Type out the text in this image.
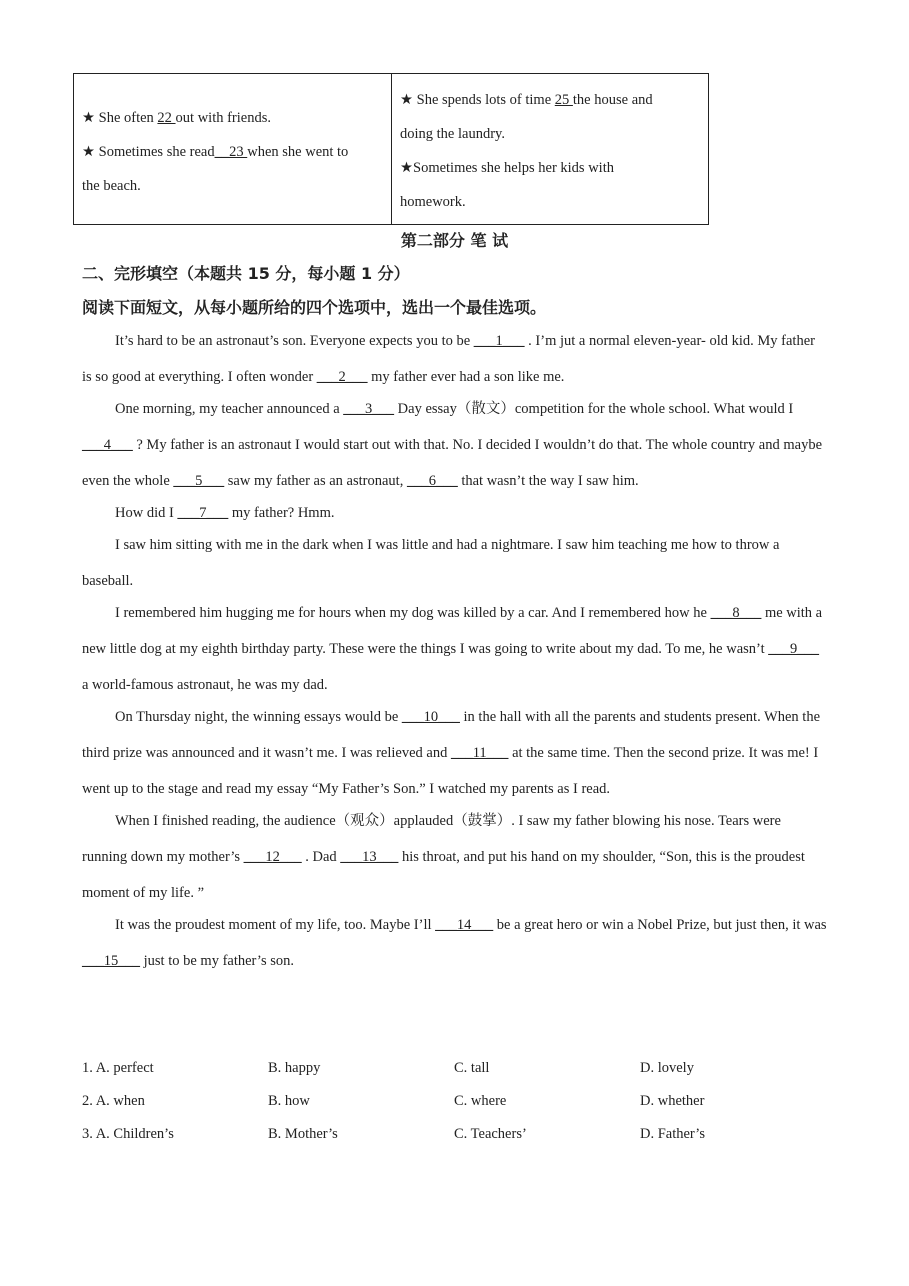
★ She often 22 out with friends.
★ Sometimes she read__23 when she went to
the beach.
★ She spends lots of time 25 the house and
doing the laundry.
★Sometimes she helps her kids with
homework.
第二部分 笔 试
二、完形填空（本题共 15 分，每小题 1 分）
阅读下面短文，从每小题所给的四个选项中，选出一个最佳选项。

It’s hard to be an astronaut’s son. Everyone expects you to be ___1___ . I’m jut a normal eleven-year- old kid. My father is so good at everything. I often wonder ___2___ my father ever had a son like me.

One morning, my teacher announced a ___3___ Day essay（散文）competition for the whole school. What would I ___4___ ? My father is an astronaut I would start out with that. No. I decided I wouldn’t do that. The whole country and maybe even the whole ___5___ saw my father as an astronaut, ___6___ that wasn’t the way I saw him.

How did I ___7___ my father? Hmm.

I saw him sitting with me in the dark when I was little and had a nightmare. I saw him teaching me how to throw a baseball.

I remembered him hugging me for hours when my dog was killed by a car. And I remembered how he ___8___ me with a new little dog at my eighth birthday party. These were the things I was going to write about my dad. To me, he wasn’t ___9___ a world-famous astronaut, he was my dad.

On Thursday night, the winning essays would be ___10___ in the hall with all the parents and students present. When the third prize was announced and it wasn’t me. I was relieved and ___11___ at the same time. Then the second prize. It was me! I went up to the stage and read my essay “My Father’s Son.” I watched my parents as I read.

When I finished reading, the audience（观众）applauded（鼓掌）. I saw my father blowing his nose. Tears were running down my mother’s ___12___ . Dad ___13___ his throat, and put his hand on my shoulder, “Son, this is the proudest moment of my life. ”

It was the proudest moment of my life, too. Maybe I’ll ___14___ be a great hero or win a Nobel Prize, but just then, it was ___15___ just to be my father’s son.

1. A. perfect	B. happy	C. tall	D. lovely
2. A. when	B. how	C. where	D. whether
3. A. Children’s	B. Mother’s	C. Teachers’	D. Father’s
